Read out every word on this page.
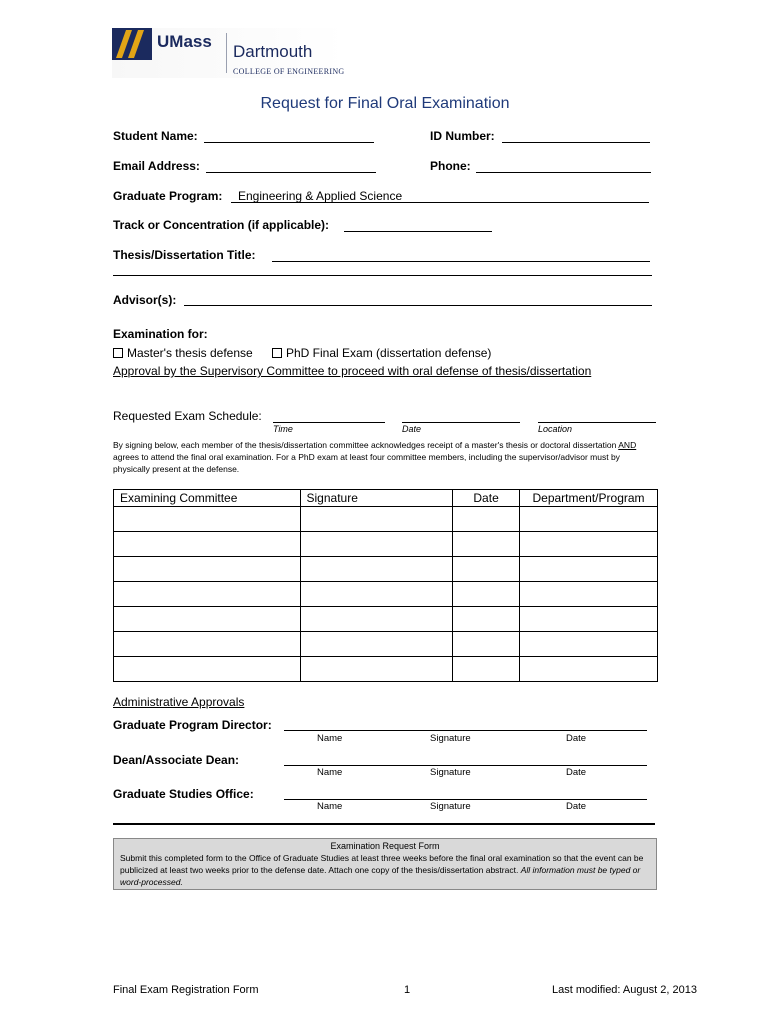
UMass
Dartmouth
COLLEGE OF ENGINEERING
Request for Final Oral Examination
Student Name:	ID Number:
Email Address:	Phone:
Graduate Program: Engineering & Applied Science
Track or Concentration (if applicable):
Thesis/Dissertation Title:
Advisor(s):
Examination for:
Master's thesis defense	PhD Final Exam (dissertation defense)
Approval by the Supervisory Committee to proceed with oral defense of thesis/dissertation
Requested Exam Schedule:
Time	Date	Location
By signing below, each member of the thesis/dissertation committee acknowledges receipt of a master's thesis or doctoral dissertation AND agrees to attend the final oral examination. For a PhD exam at least four committee members, including the supervisor/advisor must by physically present at the defense.
Examining Committee	Signature	Date	Department/Program

Administrative Approvals
Graduate Program Director:
Name	Signature	Date
Dean/Associate Dean:
Name	Signature	Date
Graduate Studies Office:
Name	Signature	Date
Examination Request Form
Submit this completed form to the Office of Graduate Studies at least three weeks before the final oral examination so that the event can be publicized at least two weeks prior to the defense date. Attach one copy of the thesis/dissertation abstract. All information must be typed or word-processed.
Final Exam Registration Form	1	Last modified: August 2, 2013
